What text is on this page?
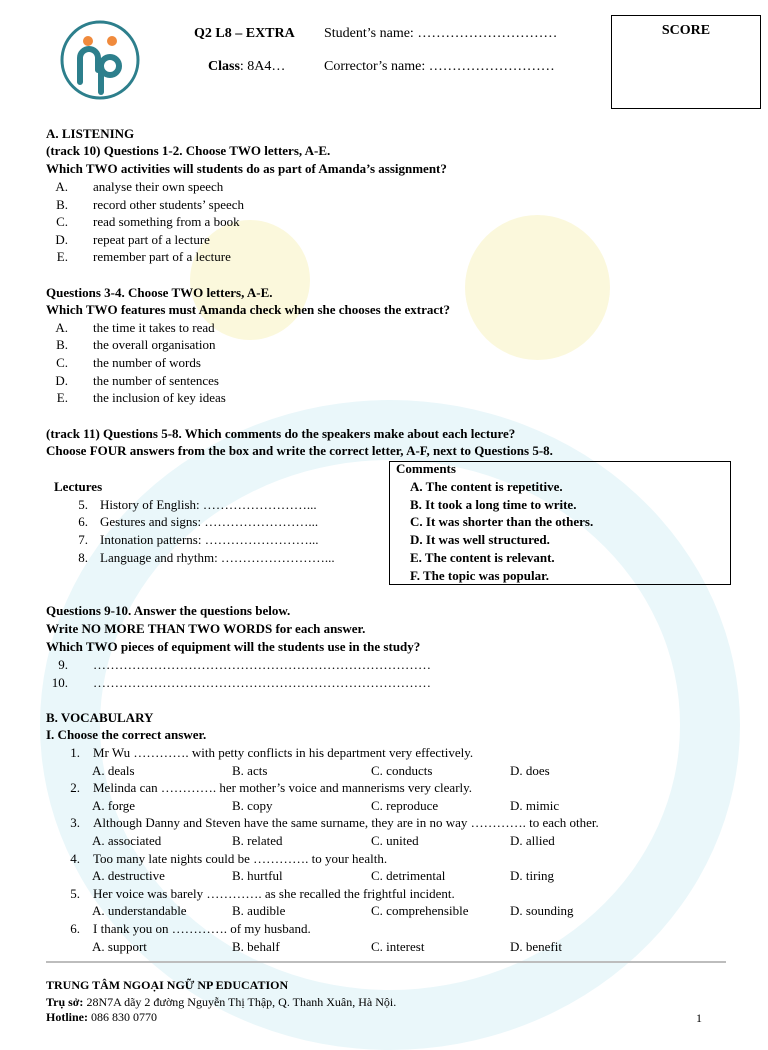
Q2 L8 – EXTRA Student’s name: …………………………
Class: 8A4…	Corrector’s name: ………………………
SCORE
A. LISTENING
(track 10) Questions 1-2. Choose TWO letters, A-E.
Which TWO activities will students do as part of Amanda’s assignment?
A. analyse their own speech
B. record other students’ speech
C. read something from a book
D. repeat part of a lecture
E. remember part of a lecture
Questions 3-4. Choose TWO letters, A-E.
Which TWO features must Amanda check when she chooses the extract?
A. the time it takes to read
B. the overall organisation
C. the number of words
D. the number of sentences
E. the inclusion of key ideas
(track 11) Questions 5-8. Which comments do the speakers make about each lecture?
Choose FOUR answers from the box and write the correct letter, A-F, next to Questions 5-8.
Lectures
5. History of English: ……………………...
6. Gestures and signs: ……………………...
7. Intonation patterns: ……………………...
8. Language and rhythm: ……………………...
Comments
A. The content is repetitive.
B. It took a long time to write.
C. It was shorter than the others.
D. It was well structured.
E. The content is relevant.
F. The topic was popular.
Questions 9-10. Answer the questions below.
Write NO MORE THAN TWO WORDS for each answer.
Which TWO pieces of equipment will the students use in the study?
9. ……………………………………………………………………
10. ……………………………………………………………………
B. VOCABULARY
I. Choose the correct answer.
1. Mr Wu …………. with petty conflicts in his department very effectively.
A. deals	B. acts	C. conducts	D. does
2. Melinda can …………. her mother’s voice and mannerisms very clearly.
A. forge	B. copy	C. reproduce	D. mimic
3. Although Danny and Steven have the same surname, they are in no way …………. to each other.
A. associated	B. related	C. united	D. allied
4. Too many late nights could be …………. to your health.
A. destructive	B. hurtful	C. detrimental	D. tiring
5. Her voice was barely …………. as she recalled the frightful incident.
A. understandable	B. audible	C. comprehensible	D. sounding
6. I thank you on …………. of my husband.
A. support	B. behalf	C. interest	D. benefit
TRUNG TÂM NGOẠI NGỮ NP EDUCATION
Trụ sở: 28N7A dãy 2 đường Nguyễn Thị Thập, Q. Thanh Xuân, Hà Nội.
Hotline: 086 830 0770	1
